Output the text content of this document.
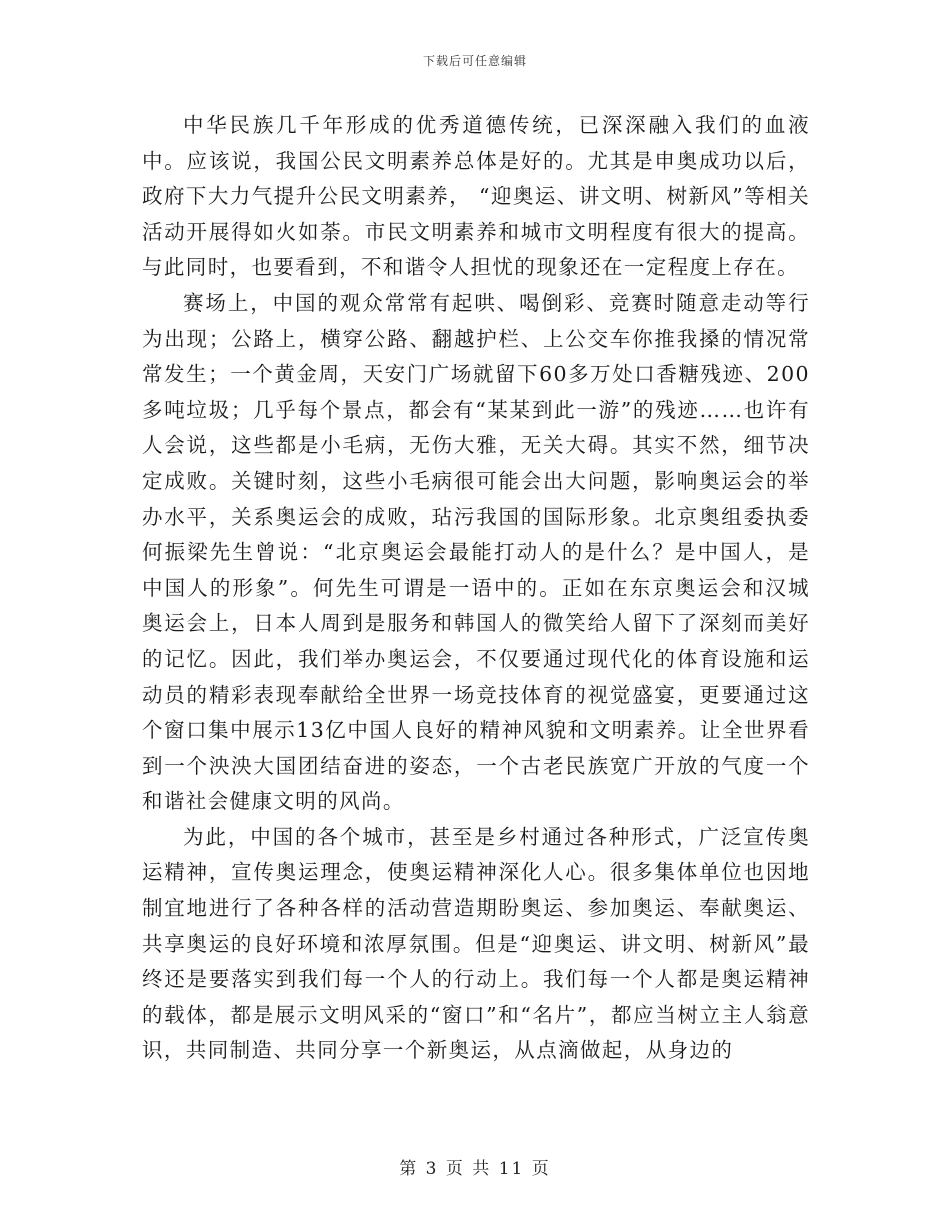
下载后可任意编辑

中华民族几千年形成的优秀道德传统，已深深融入我们的血液中。应该说，我国公民文明素养总体是好的。尤其是申奥成功以后，政府下大力气提升公民文明素养， “迎奥运、讲文明、树新风”等相关活动开展得如火如荼。市民文明素养和城市文明程度有很大的提高。与此同时，也要看到，不和谐令人担忧的现象还在一定程度上存在。

赛场上，中国的观众常常有起哄、喝倒彩、竞赛时随意走动等行为出现；公路上，横穿公路、翻越护栏、上公交车你推我搡的情况常常发生；一个黄金周，天安门广场就留下60多万处口香糖残迹、200多吨垃圾；几乎每个景点，都会有“某某到此一游”的残迹……也许有人会说，这些都是小毛病，无伤大雅，无关大碍。其实不然，细节决定成败。关键时刻，这些小毛病很可能会出大问题，影响奥运会的举办水平，关系奥运会的成败，玷污我国的国际形象。北京奥组委执委何振梁先生曾说：“北京奥运会最能打动人的是什么？是中国人，是中国人的形象”。何先生可谓是一语中的。正如在东京奥运会和汉城奥运会上，日本人周到是服务和韩国人的微笑给人留下了深刻而美好的记忆。因此，我们举办奥运会，不仅要通过现代化的体育设施和运动员的精彩表现奉献给全世界一场竞技体育的视觉盛宴，更要通过这个窗口集中展示13亿中国人良好的精神风貌和文明素养。让全世界看到一个泱泱大国团结奋进的姿态，一个古老民族宽广开放的气度一个和谐社会健康文明的风尚。

为此，中国的各个城市，甚至是乡村通过各种形式，广泛宣传奥运精神，宣传奥运理念，使奥运精神深化人心。很多集体单位也因地制宜地进行了各种各样的活动营造期盼奥运、参加奥运、奉献奥运、共享奥运的良好环境和浓厚氛围。但是“迎奥运、讲文明、树新风”最终还是要落实到我们每一个人的行动上。我们每一个人都是奥运精神的载体，都是展示文明风采的“窗口”和“名片”，都应当树立主人翁意识，共同制造、共同分享一个新奥运，从点滴做起，从身边的

第 3 页 共 11 页
